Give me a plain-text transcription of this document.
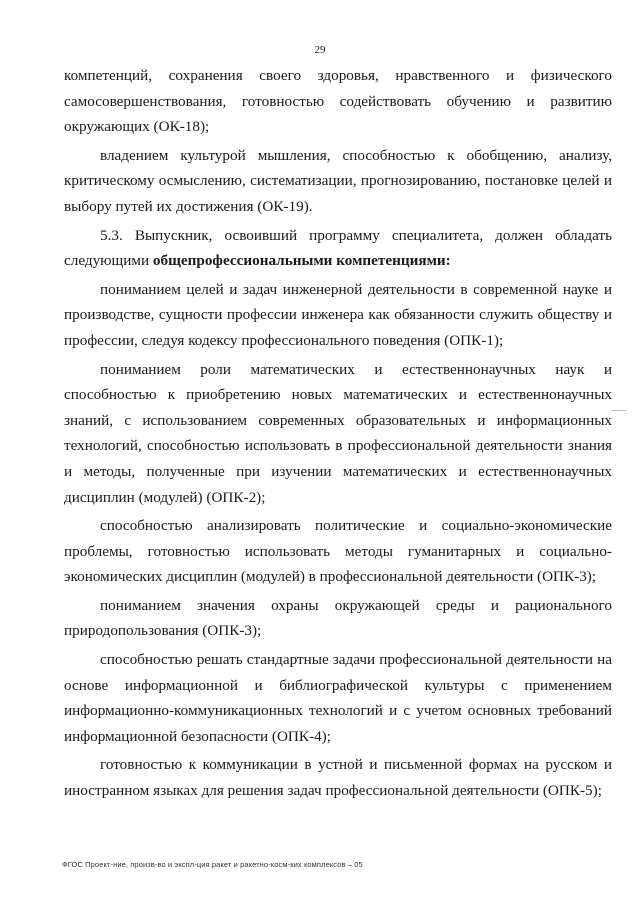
29

компетенций, сохранения своего здоровья, нравственного и физического самосовершенствования, готовностью содействовать обучению и развитию окружающих (ОК-18);

владением культурой мышления, способностью к обобщению, анализу, критическому осмыслению, систематизации, прогнозированию, постановке целей и выбору путей их достижения (ОК-19).

5.3. Выпускник, освоивший программу специалитета, должен обладать следующими общепрофессиональными компетенциями:

пониманием целей и задач инженерной деятельности в современной науке и производстве, сущности профессии инженера как обязанности служить обществу и профессии, следуя кодексу профессионального поведения (ОПК-1);

пониманием роли математических и естественнонаучных наук и способностью к приобретению новых математических и естественнонаучных знаний, с использованием современных образовательных и информационных технологий, способностью использовать в профессиональной деятельности знания и методы, полученные при изучении математических и естественнонаучных дисциплин (модулей) (ОПК-2);

способностью анализировать политические и социально-экономические проблемы, готовностью использовать методы гуманитарных и социально-экономических дисциплин (модулей) в профессиональной деятельности (ОПК-3);

пониманием значения охраны окружающей среды и рационального природопользования (ОПК-3);

способностью решать стандартные задачи профессиональной деятельности на основе информационной и библиографической культуры с применением информационно-коммуникационных технологий и с учетом основных требований информационной безопасности (ОПК-4);

готовностью к коммуникации в устной и письменной формах на русском и иностранном языках для решения задач профессиональной деятельности (ОПК-5);

ФГОС Проект-ние, произв-во и экспл-ция ракет и ракетно-косм-ких комплексов – 05
